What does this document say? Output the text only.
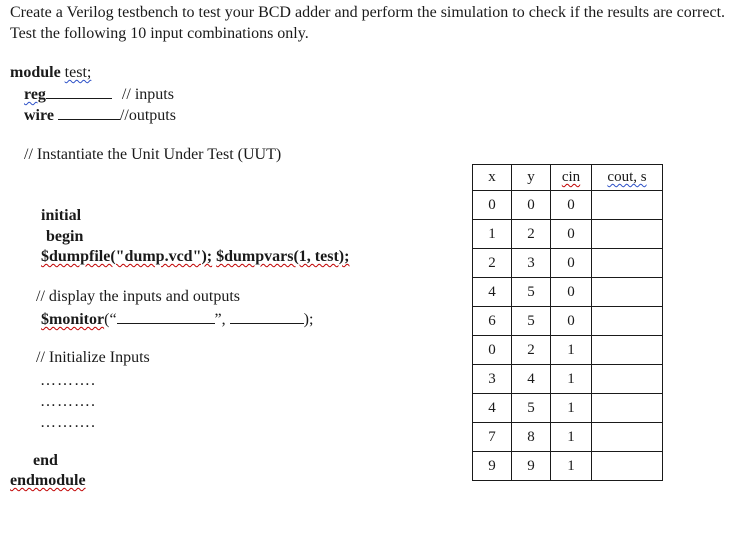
Create a Verilog testbench to test your BCD adder and perform the simulation to check if the results are correct. Test the following 10 input combinations only.
module test;
reg	// inputs
wire	//outputs
// Instantiate the Unit Under Test (UUT)
initial
begin
$dumpfile("dump.vcd"); $dumpvars(1, test);
// display the inputs and outputs
$monitor(“	”,	);
// Initialize Inputs
……….
……….
……….
end
endmodule
x	y	cin	cout, s
0	0	0	
1	2	0	
2	3	0	
4	5	0	
6	5	0	
0	2	1	
3	4	1	
4	5	1	
7	8	1	
9	9	1	
